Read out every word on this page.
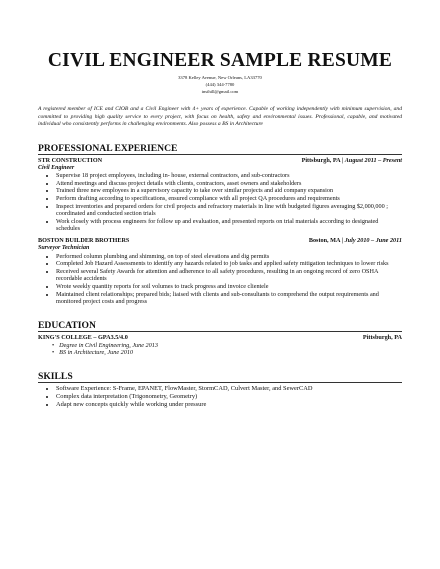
CIVIL ENGINEER SAMPLE RESUME
3378 Kelley Avenue, New Orleans, LA33770
(444) 344-7780
insihill@gmail.com

A registered member of ICE and CIOB and a Civil Engineer with 4+ years of experience. Capable of working independently with minimum supervision, and committed to providing high quality service to every project, with focus on health, safety and environmental issues. Professional, capable, and motivated individual who consistently performs in challenging environments. Also possess a BS in Architecture

PROFESSIONAL EXPERIENCE
STR CONSTRUCTION	Pittsburgh, PA | August 2011 – Present
Civil Engineer
• Supervise 18 project employees, including in- house, external contractors, and sub-contractors
• Attend meetings and discuss project details with clients, contractors, asset owners and stakeholders
• Trained three new employees in a supervisory capacity to take over similar projects and aid company expansion
• Perform drafting according to specifications, ensured compliance with all project QA procedures and requirements
• Inspect inventories and prepared orders for civil projects and refractory materials in line with budgeted figures averaging $2,000,000 ; coordinated and conducted section trials
• Work closely with process engineers for follow up and evaluation, and presented reports on trial materials according to designated schedules
BOSTON BUILDER BROTHERS	Boston, MA | July 2010 – June 2011
Surveyor Technician
• Performed column plumbing and shimming, on top of steel elevations and dig permits
• Completed Job Hazard Assessments to identify any hazards related to job tasks and applied safety mitigation techniques to lower risks
• Received several Safety Awards for attention and adherence to all safety procedures, resulting in an ongoing record of zero OSHA recordable accidents
• Wrote weekly quantity reports for soil volumes to track progress and invoice clientele
• Maintained client relationships; prepared bids; liaised with clients and sub-consultants to comprehend the output requirements and monitored project costs and progress
EDUCATION
KING'S COLLEGE – GPA3.5/4.0	Pittsburgh, PA
• Degree in Civil Engineering, June 2013
• BS in Architecture, June 2010
SKILLS
• Software Experience: S-Frame, EPANET, FlowMaster, StormCAD, Culvert Master, and SewerCAD
• Complex data interpretation (Trigonometry, Geometry)
• Adapt new concepts quickly while working under pressure
